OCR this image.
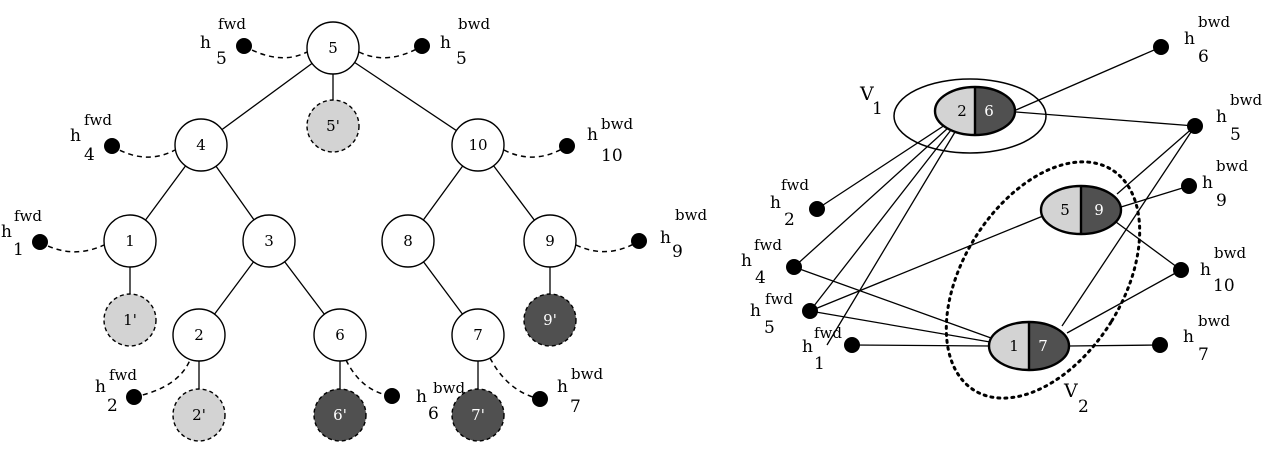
5
5'
4	10
1	3	8	9
1'
2	6	7
9'
2'	6'	7'
h
fwd
5
h
bwd
5
h
fwd
4
h
bwd
10
h
fwd
1
h
bwd
9
h
fwd
2	h bwd
6
h
bwd
7
2 6
5 9
1 7
V
1
V
2
h
bwd
6
h
bwd
5
h
bwd
9
h
bwd
10
h
bwd
7
h
fwd
2
h
fwd
4
h
fwd
5
h
fwd
1
